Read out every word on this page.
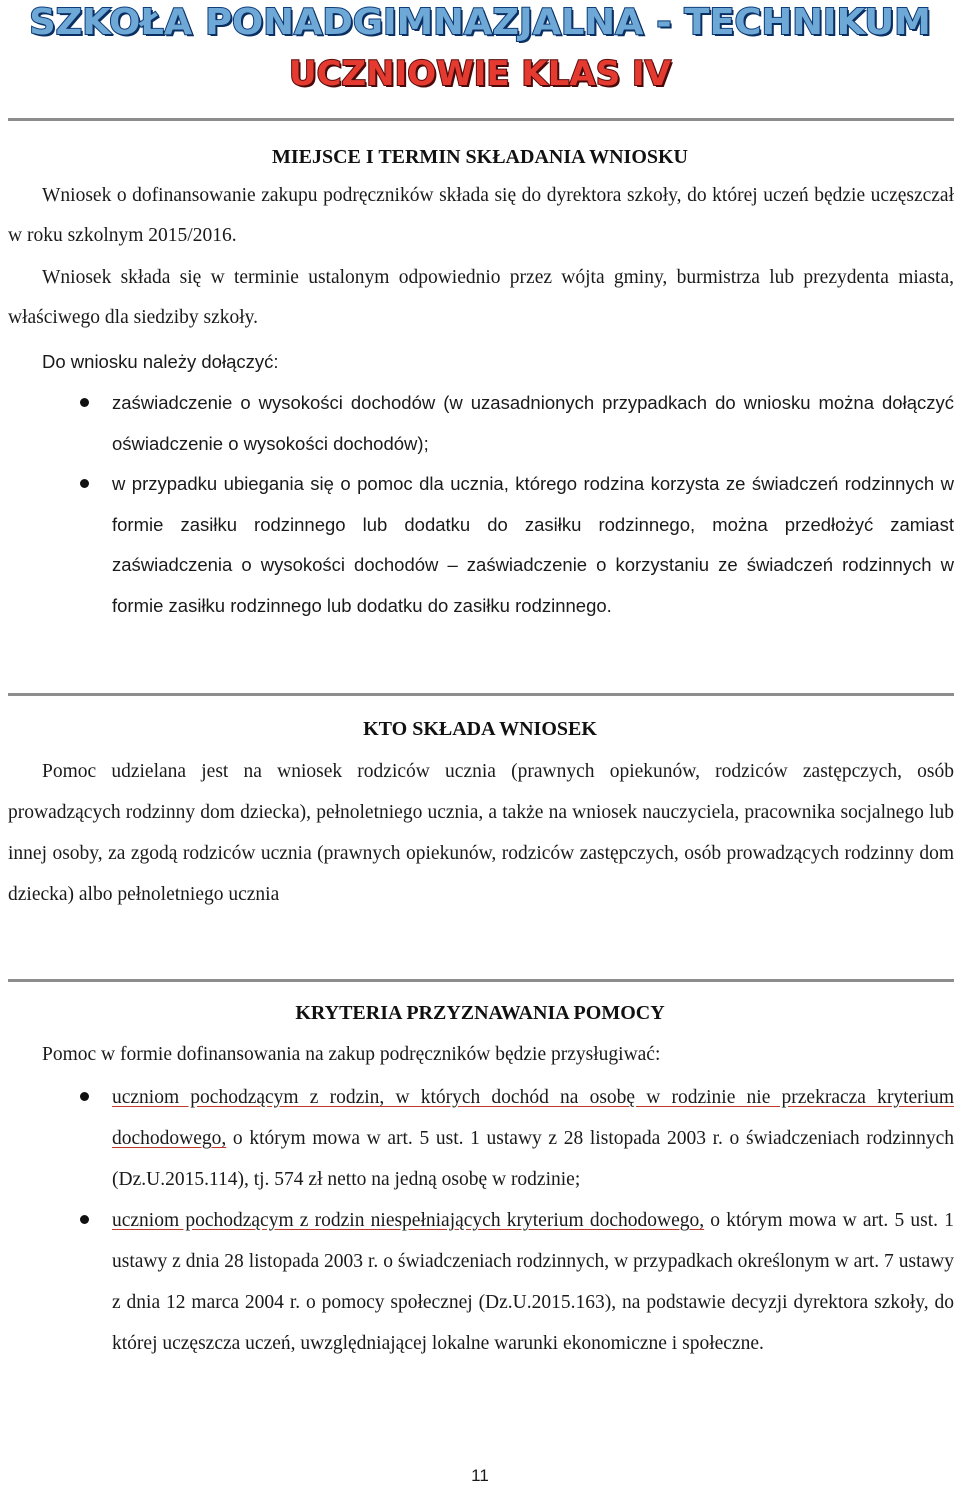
SZKOŁA PONADGIMNAZJALNA - TECHNIKUM
UCZNIOWIE KLAS IV
MIEJSCE I TERMIN SKŁADANIA WNIOSKU
Wniosek o dofinansowanie zakupu podręczników składa się do dyrektora szkoły, do której uczeń będzie uczęszczał w roku szkolnym 2015/2016.
Wniosek składa się w terminie ustalonym odpowiednio przez wójta gminy, burmistrza lub prezydenta miasta, właściwego dla siedziby szkoły.
Do wniosku należy dołączyć:
zaświadczenie o wysokości dochodów (w uzasadnionych przypadkach do wniosku można dołączyć oświadczenie o wysokości dochodów);
w przypadku ubiegania się o pomoc dla ucznia, którego rodzina korzysta ze świadczeń rodzinnych w formie zasiłku rodzinnego lub dodatku do zasiłku rodzinnego, można przedłożyć zamiast zaświadczenia o wysokości dochodów – zaświadczenie o korzystaniu ze świadczeń rodzinnych w formie zasiłku rodzinnego lub dodatku do zasiłku rodzinnego.
KTO SKŁADA WNIOSEK
Pomoc udzielana jest na wniosek rodziców ucznia (prawnych opiekunów, rodziców zastępczych, osób prowadzących rodzinny dom dziecka), pełnoletniego ucznia, a także na wniosek nauczyciela, pracownika socjalnego lub innej osoby, za zgodą rodziców ucznia (prawnych opiekunów, rodziców zastępczych, osób prowadzących rodzinny dom dziecka) albo pełnoletniego ucznia
KRYTERIA PRZYZNAWANIA POMOCY
Pomoc w formie dofinansowania na zakup podręczników będzie przysługiwać:
uczniom pochodzącym z rodzin, w których dochód na osobę w rodzinie nie przekracza kryterium dochodowego, o którym mowa w art. 5 ust. 1 ustawy z 28 listopada 2003 r. o świadczeniach rodzinnych (Dz.U.2015.114), tj. 574 zł netto na jedną osobę w rodzinie;
uczniom pochodzącym z rodzin niespełniających kryterium dochodowego, o którym mowa w art. 5 ust. 1 ustawy z dnia 28 listopada 2003 r. o świadczeniach rodzinnych, w przypadkach określonym w art. 7 ustawy z dnia 12 marca 2004 r. o pomocy społecznej (Dz.U.2015.163), na podstawie decyzji dyrektora szkoły, do której uczęszcza uczeń, uwzględniającej lokalne warunki ekonomiczne i społeczne.
11
